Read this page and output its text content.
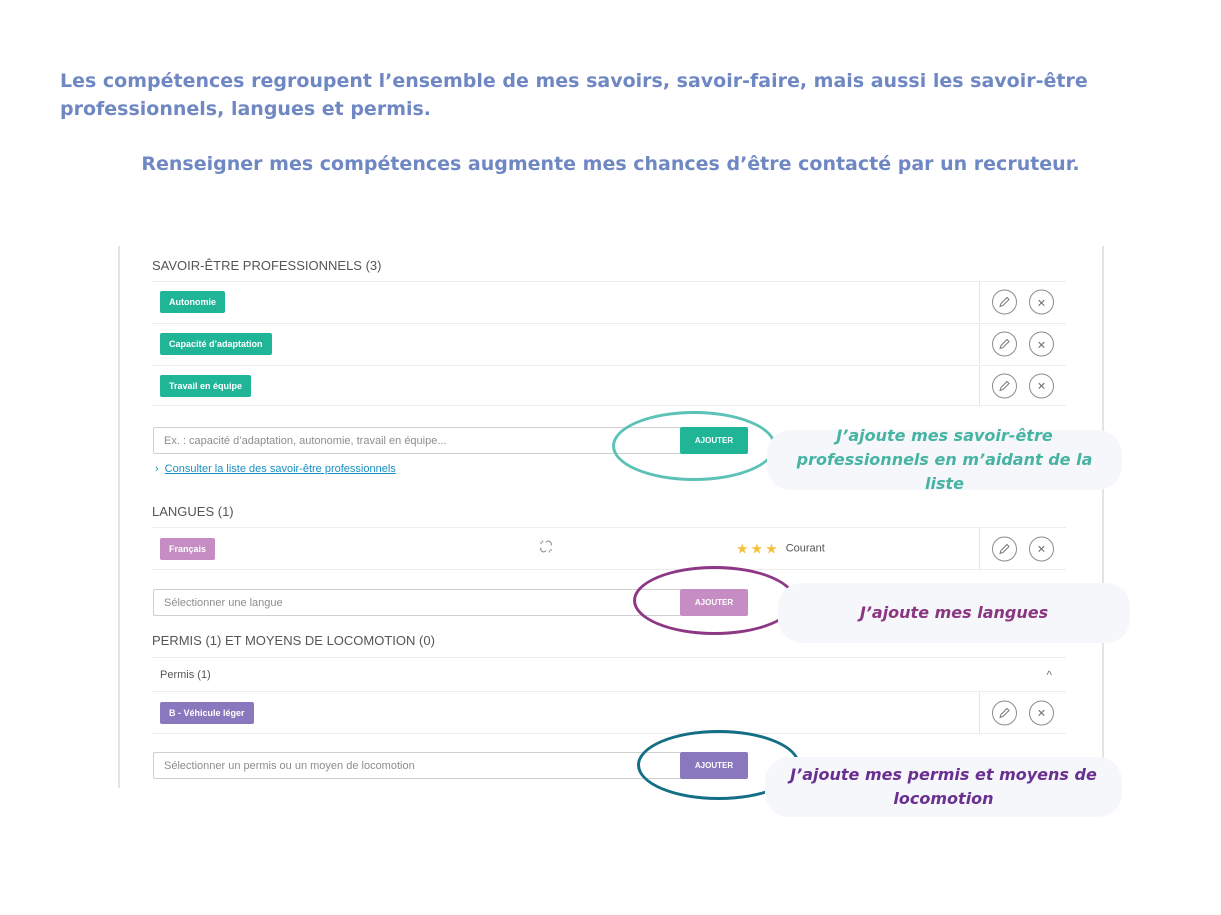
Les compétences regroupent l’ensemble de mes savoirs, savoir-faire, mais aussi les savoir-être professionnels, langues et permis.

Renseigner mes compétences augmente mes chances d’être contacté par un recruteur.

SAVOIR-ÊTRE PROFESSIONNELS (3)
Autonomie	×
Capacité d’adaptation	×
Travail en équipe	×
Ex. : capacité d’adaptation, autonomie, travail en équipe...
AJOUTER
› Consulter la liste des savoir-être professionnels
J’ajoute mes savoir-être professionnels en m’aidant de la liste
LANGUES (1)
Français	★ ★ ★ Courant	×
Sélectionner une langue
AJOUTER
J’ajoute mes langues
PERMIS (1) ET MOYENS DE LOCOMOTION (0)
Permis (1)	^
B - Véhicule léger	×
Sélectionner un permis ou un moyen de locomotion
AJOUTER	J’ajoute mes permis et moyens de locomotion
